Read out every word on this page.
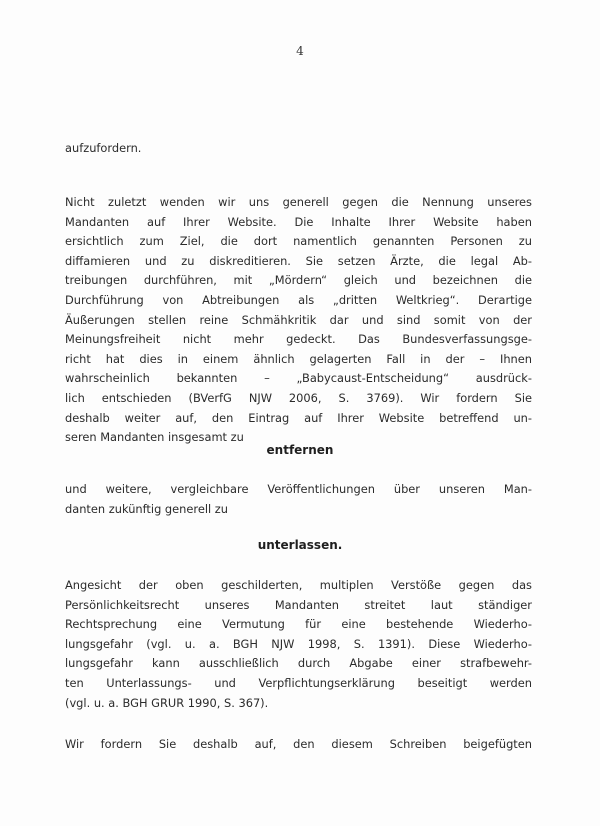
4
aufzufordern.
Nicht zuletzt wenden wir uns generell gegen die Nennung unseres
Mandanten auf Ihrer Website. Die Inhalte Ihrer Website haben
ersichtlich zum Ziel, die dort namentlich genannten Personen zu
diffamieren und zu diskreditieren. Sie setzen Ärzte, die legal Ab-
treibungen durchführen, mit „Mördern“ gleich und bezeichnen die
Durchführung von Abtreibungen als „dritten Weltkrieg“. Derartige
Äußerungen stellen reine Schmähkritik dar und sind somit von der
Meinungsfreiheit nicht mehr gedeckt. Das Bundesverfassungsge-
richt hat dies in einem ähnlich gelagerten Fall in der – Ihnen
wahrscheinlich bekannten – „Babycaust-Entscheidung“ ausdrück-
lich entschieden (BVerfG NJW 2006, S. 3769). Wir fordern Sie
deshalb weiter auf, den Eintrag auf Ihrer Website betreffend un-
seren Mandanten insgesamt zu
entfernen
und weitere, vergleichbare Veröffentlichungen über unseren Man-
danten zukünftig generell zu
unterlassen.
Angesicht der oben geschilderten, multiplen Verstöße gegen das
Persönlichkeitsrecht unseres Mandanten streitet laut ständiger
Rechtsprechung eine Vermutung für eine bestehende Wiederho-
lungsgefahr (vgl. u. a. BGH NJW 1998, S. 1391). Diese Wiederho-
lungsgefahr kann ausschließlich durch Abgabe einer strafbewehr-
ten Unterlassungs- und Verpflichtungserklärung beseitigt werden
(vgl. u. a. BGH GRUR 1990, S. 367).
Wir fordern Sie deshalb auf, den diesem Schreiben beigefügten
